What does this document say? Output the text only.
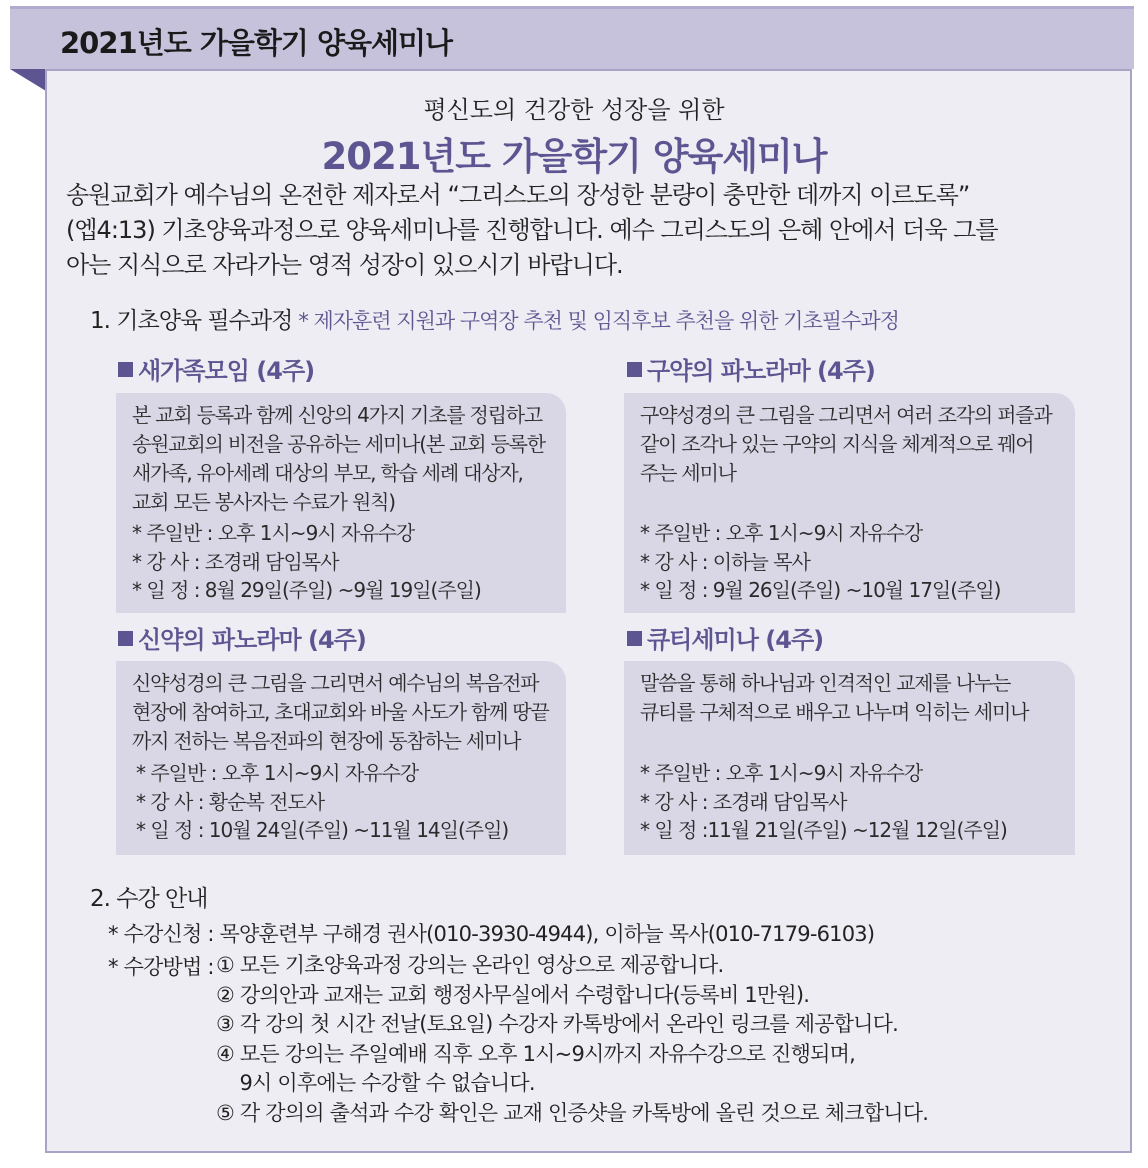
2021년도 가을학기 양육세미나
평신도의 건강한 성장을 위한
2021년도 가을학기 양육세미나
송원교회가 예수님의 온전한 제자로서 “그리스도의 장성한 분량이 충만한 데까지 이르도록”
(엡4:13) 기초양육과정으로 양육세미나를 진행합니다. 예수 그리스도의 은혜 안에서 더욱 그를
아는 지식으로 자라가는 영적 성장이 있으시기 바랍니다.
1. 기초양육 필수과정 * 제자훈련 지원과 구역장 추천 및 임직후보 추천을 위한 기초필수과정
새가족모임 (4주)
본 교회 등록과 함께 신앙의 4가지 기초를 정립하고
송원교회의 비전을 공유하는 세미나(본 교회 등록한
새가족, 유아세례 대상의 부모, 학습 세례 대상자,
교회 모든 봉사자는 수료가 원칙)
* 주일반 : 오후 1시~9시 자유수강
* 강 사 : 조경래 담임목사
* 일 정 : 8월 29일(주일) ~9월 19일(주일)
구약의 파노라마 (4주)
구약성경의 큰 그림을 그리면서 여러 조각의 퍼즐과
같이 조각나 있는 구약의 지식을 체계적으로 꿰어
주는 세미나
* 주일반 : 오후 1시~9시 자유수강
* 강 사 : 이하늘 목사
* 일 정 : 9월 26일(주일) ~10월 17일(주일)
신약의 파노라마 (4주)
신약성경의 큰 그림을 그리면서 예수님의 복음전파
현장에 참여하고, 초대교회와 바울 사도가 함께 땅끝
까지 전하는 복음전파의 현장에 동참하는 세미나
* 주일반 : 오후 1시~9시 자유수강
* 강 사 : 황순복 전도사
* 일 정 : 10월 24일(주일) ~11월 14일(주일)
큐티세미나 (4주)
말씀을 통해 하나님과 인격적인 교제를 나누는
큐티를 구체적으로 배우고 나누며 익히는 세미나
* 주일반 : 오후 1시~9시 자유수강
* 강 사 : 조경래 담임목사
* 일 정 :11월 21일(주일) ~12월 12일(주일)
2. 수강 안내
* 수강신청 : 목양훈련부 구해경 권사(010-3930-4944), 이하늘 목사(010-7179-6103)
* 수강방법 : ① 모든 기초양육과정 강의는 온라인 영상으로 제공합니다.
② 강의안과 교재는 교회 행정사무실에서 수령합니다(등록비 1만원).
③ 각 강의 첫 시간 전날(토요일) 수강자 카톡방에서 온라인 링크를 제공합니다.
④ 모든 강의는 주일예배 직후 오후 1시~9시까지 자유수강으로 진행되며,
9시 이후에는 수강할 수 없습니다.
⑤ 각 강의의 출석과 수강 확인은 교재 인증샷을 카톡방에 올린 것으로 체크합니다.
